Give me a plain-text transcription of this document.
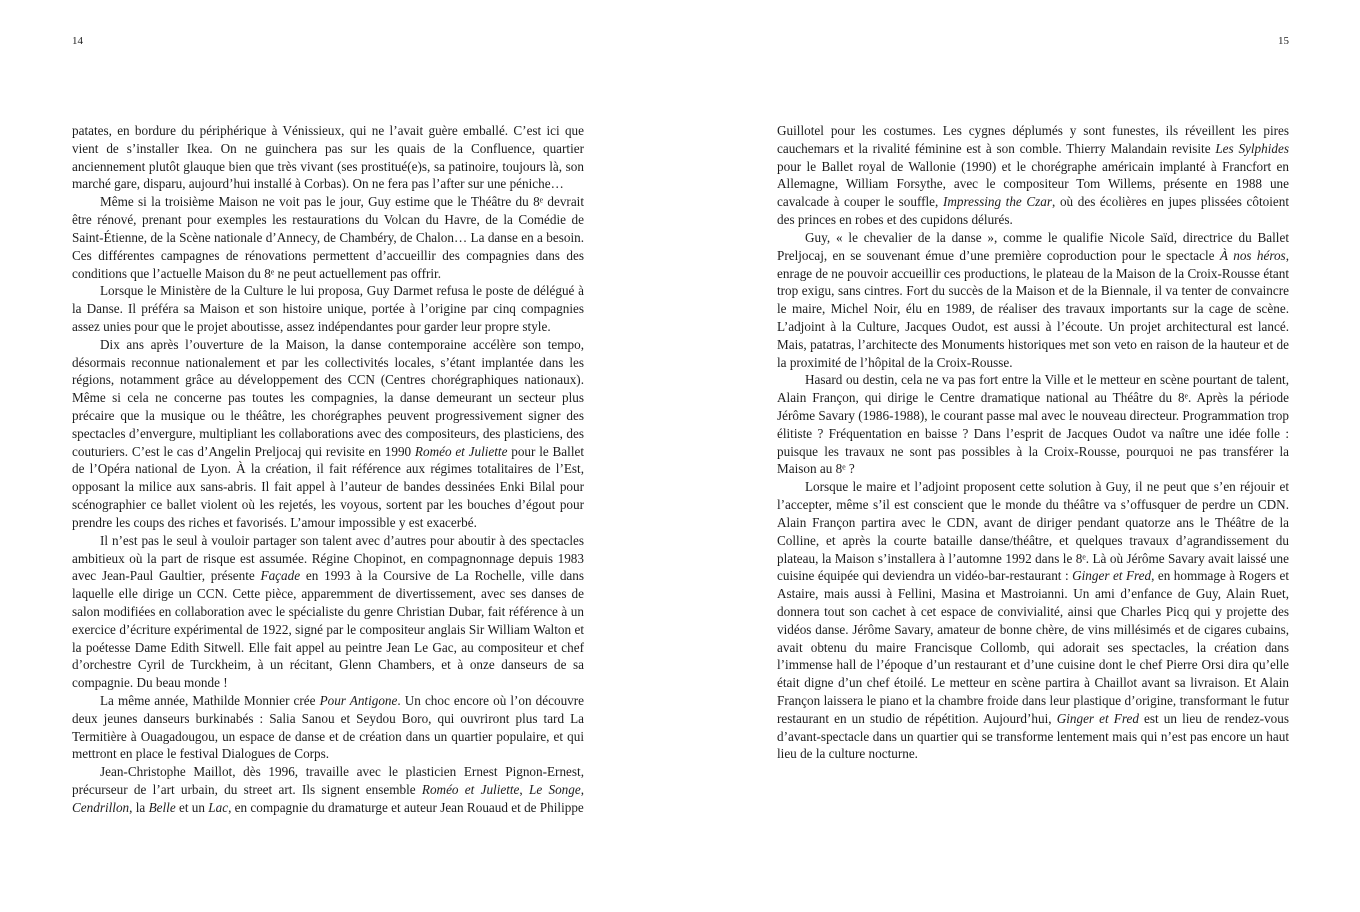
14

patates, en bordure du périphérique à Vénissieux, qui ne l’avait guère emballé. C’est ici que vient de s’installer Ikea. On ne guinchera pas sur les quais de la Confluence, quartier anciennement plutôt glauque bien que très vivant (ses prostitué(e)s, sa patinoire, toujours là, son marché gare, disparu, aujourd’hui installé à Corbas). On ne fera pas l’after sur une péniche…

Même si la troisième Maison ne voit pas le jour, Guy estime que le Théâtre du 8ᵉ devrait être rénové, prenant pour exemples les restaurations du Volcan du Havre, de la Comédie de Saint-Étienne, de la Scène nationale d’Annecy, de Chambéry, de Chalon… La danse en a besoin. Ces différentes campagnes de rénovations permettent d’accueillir des compagnies dans des conditions que l’actuelle Maison du 8ᵉ ne peut actuellement pas offrir.

Lorsque le Ministère de la Culture le lui proposa, Guy Darmet refusa le poste de délégué à la Danse. Il préféra sa Maison et son histoire unique, portée à l’origine par cinq compagnies assez unies pour que le projet aboutisse, assez indépendantes pour garder leur propre style.

Dix ans après l’ouverture de la Maison, la danse contemporaine accélère son tempo, désormais reconnue nationalement et par les collectivités locales, s’étant implantée dans les régions, notamment grâce au développement des CCN (Centres chorégraphiques nationaux). Même si cela ne concerne pas toutes les compagnies, la danse demeurant un secteur plus précaire que la musique ou le théâtre, les chorégraphes peuvent progressivement signer des spectacles d’envergure, multipliant les collaborations avec des compositeurs, des plasticiens, des couturiers. C’est le cas d’Angelin Preljocaj qui revisite en 1990 Roméo et Juliette pour le Ballet de l’Opéra national de Lyon. À la création, il fait référence aux régimes totalitaires de l’Est, opposant la milice aux sans-abris. Il fait appel à l’auteur de bandes dessinées Enki Bilal pour scénographier ce ballet violent où les rejetés, les voyous, sortent par les bouches d’égout pour prendre les coups des riches et favorisés. L’amour impossible y est exacerbé.

Il n’est pas le seul à vouloir partager son talent avec d’autres pour aboutir à des spectacles ambitieux où la part de risque est assumée. Régine Chopinot, en compagnonnage depuis 1983 avec Jean-Paul Gaultier, présente Façade en 1993 à la Coursive de La Rochelle, ville dans laquelle elle dirige un CCN. Cette pièce, apparemment de divertissement, avec ses danses de salon modifiées en collaboration avec le spécialiste du genre Christian Dubar, fait référence à un exercice d’écriture expérimental de 1922, signé par le compositeur anglais Sir William Walton et la poétesse Dame Edith Sitwell. Elle fait appel au peintre Jean Le Gac, au compositeur et chef d’orchestre Cyril de Turckheim, à un récitant, Glenn Chambers, et à onze danseurs de sa compagnie. Du beau monde !

La même année, Mathilde Monnier crée Pour Antigone. Un choc encore où l’on découvre deux jeunes danseurs burkinabés : Salia Sanou et Seydou Boro, qui ouvriront plus tard La Termitière à Ouagadougou, un espace de danse et de création dans un quartier populaire, et qui mettront en place le festival Dialogues de Corps.

Jean-Christophe Maillot, dès 1996, travaille avec le plasticien Ernest Pignon-Ernest, précurseur de l’art urbain, du street art. Ils signent ensemble Roméo et Juliette, Le Songe, Cendrillon, la Belle et un Lac, en compagnie du dramaturge et auteur Jean Rouaud et de Philippe

15

Guillotel pour les costumes. Les cygnes déplumés y sont funestes, ils réveillent les pires cauchemars et la rivalité féminine est à son comble. Thierry Malandain revisite Les Sylphides pour le Ballet royal de Wallonie (1990) et le chorégraphe américain implanté à Francfort en Allemagne, William Forsythe, avec le compositeur Tom Willems, présente en 1988 une cavalcade à couper le souffle, Impressing the Czar, où des écolières en jupes plissées côtoient des princes en robes et des cupidons délurés.

Guy, « le chevalier de la danse », comme le qualifie Nicole Saïd, directrice du Ballet Preljocaj, en se souvenant émue d’une première coproduction pour le spectacle À nos héros, enrage de ne pouvoir accueillir ces productions, le plateau de la Maison de la Croix-Rousse étant trop exigu, sans cintres. Fort du succès de la Maison et de la Biennale, il va tenter de convaincre le maire, Michel Noir, élu en 1989, de réaliser des travaux importants sur la cage de scène. L’adjoint à la Culture, Jacques Oudot, est aussi à l’écoute. Un projet architectural est lancé. Mais, patatras, l’architecte des Monuments historiques met son veto en raison de la hauteur et de la proximité de l’hôpital de la Croix-Rousse.

Hasard ou destin, cela ne va pas fort entre la Ville et le metteur en scène pourtant de talent, Alain Françon, qui dirige le Centre dramatique national au Théâtre du 8ᵉ. Après la période Jérôme Savary (1986-1988), le courant passe mal avec le nouveau directeur. Programmation trop élitiste ? Fréquentation en baisse ? Dans l’esprit de Jacques Oudot va naître une idée folle : puisque les travaux ne sont pas possibles à la Croix-Rousse, pourquoi ne pas transférer la Maison au 8ᵉ ?

Lorsque le maire et l’adjoint proposent cette solution à Guy, il ne peut que s’en réjouir et l’accepter, même s’il est conscient que le monde du théâtre va s’offusquer de perdre un CDN. Alain Françon partira avec le CDN, avant de diriger pendant quatorze ans le Théâtre de la Colline, et après la courte bataille danse/théâtre, et quelques travaux d’agrandissement du plateau, la Maison s’installera à l’automne 1992 dans le 8ᵉ. Là où Jérôme Savary avait laissé une cuisine équipée qui deviendra un vidéo-bar-restaurant : Ginger et Fred, en hommage à Rogers et Astaire, mais aussi à Fellini, Masina et Mastroianni. Un ami d’enfance de Guy, Alain Ruet, donnera tout son cachet à cet espace de convivialité, ainsi que Charles Picq qui y projette des vidéos danse. Jérôme Savary, amateur de bonne chère, de vins millésimés et de cigares cubains, avait obtenu du maire Francisque Collomb, qui adorait ses spectacles, la création dans l’immense hall de l’époque d’un restaurant et d’une cuisine dont le chef Pierre Orsi dira qu’elle était digne d’un chef étoilé. Le metteur en scène partira à Chaillot avant sa livraison. Et Alain Françon laissera le piano et la chambre froide dans leur plastique d’origine, transformant le futur restaurant en un studio de répétition. Aujourd’hui, Ginger et Fred est un lieu de rendez-vous d’avant-spectacle dans un quartier qui se transforme lentement mais qui n’est pas encore un haut lieu de la culture nocturne.
